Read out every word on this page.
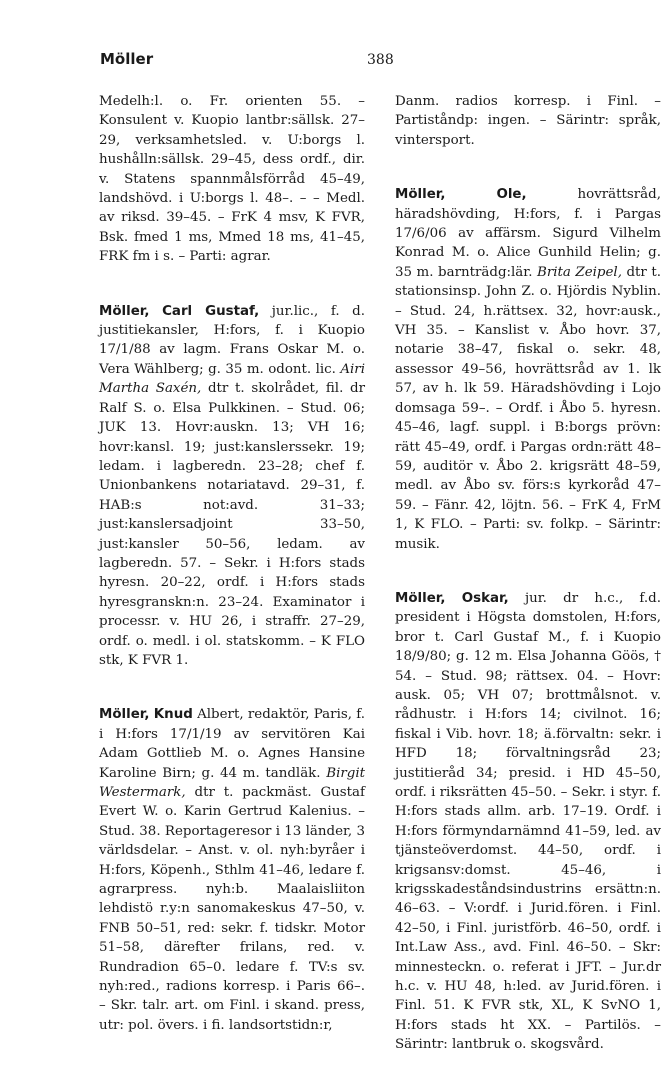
Möller	388

Medelh:l. o. Fr. orienten 55. – Konsulent v. Kuopio lantbr:sällsk. 27–29, verksamhetsled. v. U:borgs l. hushålln:sällsk. 29–45, dess ordf., dir. v. Statens spannmålsförråd 45–49, landshövd. i U:borgs l. 48–. – – Medl. av riksd. 39–45. – FrK 4 msv, K FVR, Bsk. fmed 1 ms, Mmed 18 ms, 41–45, FRK fm i s. – Parti: agrar.

Möller, Carl Gustaf, jur.lic., f. d. justitiekansler, H:fors, f. i Kuopio 17/1/88 av lagm. Frans Oskar M. o. Vera Wählberg; g. 35 m. odont. lic. Airi Martha Saxén, dtr t. skolrådet, fil. dr Ralf S. o. Elsa Pulkkinen. – Stud. 06; JUK 13. Hovr:auskn. 13; VH 16; hovr:kansl. 19; just:kanslerssekr. 19; ledam. i lagberedn. 23–28; chef f. Unionbankens notariatavd. 29–31, f. HAB:s not:avd. 31–33; just:kanslersadjoint 33–50, just:kansler 50–56, ledam. av lagberedn. 57. – Sekr. i H:fors stads hyresn. 20–22, ordf. i H:fors stads hyresgranskn:n. 23–24. Examinator i processr. v. HU 26, i straffr. 27–29, ordf. o. medl. i ol. statskomm. – K FLO stk, K FVR 1.

Möller, Knud Albert, redaktör, Paris, f. i H:fors 17/1/19 av servitören Kai Adam Gottlieb M. o. Agnes Hansine Karoline Birn; g. 44 m. tandläk. Birgit Westermark, dtr t. packmäst. Gustaf Evert W. o. Karin Gertrud Kalenius. – Stud. 38. Reportageresor i 13 länder, 3 världsdelar. – Anst. v. ol. nyh:byråer i H:fors, Köpenh., Sthlm 41–46, ledare f. agrarpress. nyh:b. Maalaisliiton lehdistö r.y:n sanomakeskus 47–50, v. FNB 50–51, red: sekr. f. tidskr. Motor 51–58, därefter frilans, red. v. Rundradion 65–0. ledare f. TV:s sv. nyh:red., radions korresp. i Paris 66–. – Skr. talr. art. om Finl. i skand. press, utr: pol. övers. i fi. landsortstidn:r,

Danm. radios korresp. i Finl. – Partiståndp: ingen. – Särintr: språk, vintersport.

Möller,	Ole, hovrättsråd, häradshövding, H:fors, f. i Pargas 17/6/06 av affärsm. Sigurd Vilhelm Konrad M. o. Alice Gunhild Helin; g. 35 m. barnträdg:lär. Brita Zeipel, dtr t. stationsinsp. John Z. o. Hjördis Nyblin. – Stud. 24, h.rättsex. 32, hovr:ausk., VH 35. – Kanslist v. Åbo hovr. 37, notarie 38–47, fiskal o. sekr. 48, assessor 49–56, hovrättsråd av 1. lk 57, av h. lk 59. Häradshövding i Lojo domsaga 59–. – Ordf. i Åbo 5. hyresn. 45–46, lagf. suppl. i B:borgs prövn: rätt 45–49, ordf. i Pargas ordn:rätt 48–59, auditör v. Åbo 2. krigsrätt 48–59, medl. av Åbo sv. förs:s kyrkoråd 47–59. – Fänr. 42, löjtn. 56. – FrK 4, FrM 1, K FLO. – Parti: sv. folkp. – Särintr: musik.

Möller, Oskar, jur. dr h.c., f.d. president i Högsta domstolen, H:fors, bror t. Carl Gustaf M., f. i Kuopio 18/9/80; g. 12 m. Elsa Johanna Göös, † 54. – Stud. 98; rättsex. 04. – Hovr: ausk. 05; VH 07; brottmålsnot. v. rådhustr. i H:fors 14; civilnot. 16; fiskal i Vib. hovr. 18; ä.förvaltn: sekr. i HFD 18; förvaltningsråd 23; justitieråd 34; presid. i HD 45–50, ordf. i riksrätten 45–50. – Sekr. i styr. f. H:fors stads allm. arb. 17–19. Ordf. i H:fors förmyndarnämnd 41–59, led. av tjänsteöverdomst. 44–50, ordf. i krigsansv:domst. 45–46, i krigsskadeståndsindustrins ersättn:n. 46–63. – V:ordf. i Jurid.fören. i Finl. 42–50, i Finl. juristförb. 46–50, ordf. i Int.Law Ass., avd. Finl. 46–50. – Skr: minnesteckn. o. referat i JFT. – Jur.dr h.c. v. HU 48, h:led. av Jurid.fören. i Finl. 51. K FVR stk, XL, K SvNO 1, H:fors stads ht XX. – Partilös. – Särintr: lantbruk o. skogsvård.
